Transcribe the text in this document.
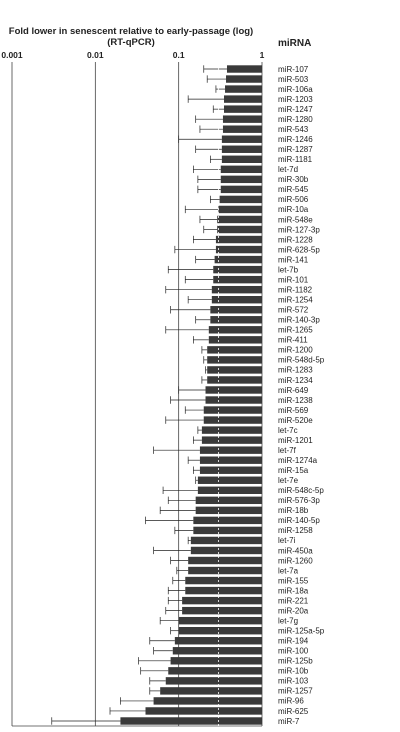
Fold lower in senescent relative to early-passage (log)
(RT-qPCR)	miRNA
0.001	0.01	0.1	1
miR-107
miR-503
miR-106a
miR-1203
miR-1247
miR-1280
miR-543
miR-1246
miR-1287
miR-1181
let-7d
miR-30b
miR-545
miR-506
miR-10a
miR-548e
miR-127-3p
miR-1228
miR-628-5p
miR-141
let-7b
miR-101
miR-1182
miR-1254
miR-572
miR-140-3p
miR-1265
miR-411
miR-1200
miR-548d-5p
miR-1283
miR-1234
miR-649
miR-1238
miR-569
miR-520e
let-7c
miR-1201
let-7f
miR-1274a
miR-15a
let-7e
miR-548c-5p
miR-576-3p
miR-18b
miR-140-5p
miR-1258
let-7i
miR-450a
miR-1260
let-7a
miR-155
miR-18a
miR-221
miR-20a
let-7g
miR-125a-5p
miR-194
miR-100
miR-125b
miR-10b
miR-103
miR-1257
miR-96
miR-625
miR-7
